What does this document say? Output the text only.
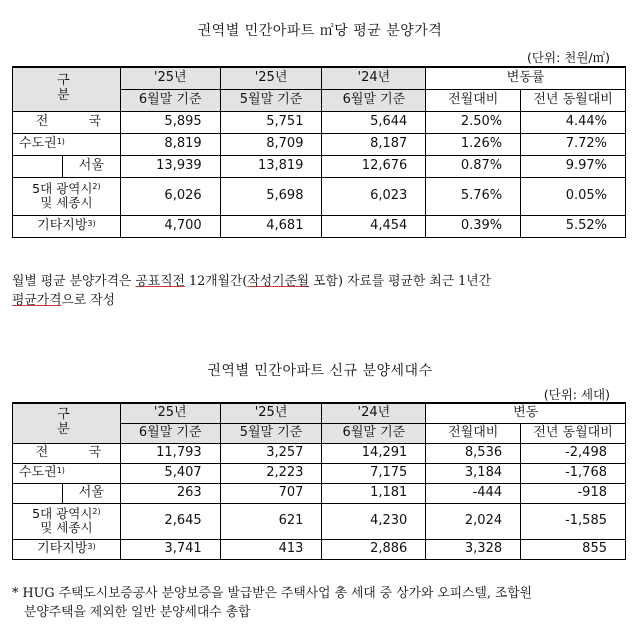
권역별 민간아파트 ㎡당 평균 분양가격
(단위: 천원/㎡)
구 분		'25년	'25년	'24년	변동률	
		6월말 기준	5월말 기준	6월말 기준	전월대비	전년 동월대비
전 국		5,895	5,751	5,644	2.50%	4.44%
수도권$^{1)}$		8,819	8,709	8,187	1.26%	7.72%
	서울	13,939	13,819	12,676	0.87%	9.97%

5대 광역시$^{2)}$
및 세종시		6,026	5,698	6,023	5.76%	0.05%
기타지방$^{3)}$		4,700	4,681	4,454	0.39%	5.52%
월별 평균 분양가격은 공표직전 12개월간(작성기준월 포함) 자료를 평균한 최근 1년간
평균가격으로 작성
권역별 민간아파트 신규 분양세대수
(단위: 세대)
구 분		'25년	'25년	'24년	변동	
		6월말 기준	5월말 기준	6월말 기준	전월대비	전년 동월대비
전 국		11,793	3,257	14,291	8,536	-2,498
수도권$^{1)}$		5,407	2,223	7,175	3,184	-1,768
	서울	263	707	1,181	-444	-918

5대 광역시$^{2)}$
및 세종시		2,645	621	4,230	2,024	-1,585
기타지방$^{3)}$		3,741	413	2,886	3,328	855
* HUG 주택도시보증공사 분양보증을 발급받은 주택사업 총 세대 중 상가와 오피스텔, 조합원
분양주택을 제외한 일반 분양세대수 총합
